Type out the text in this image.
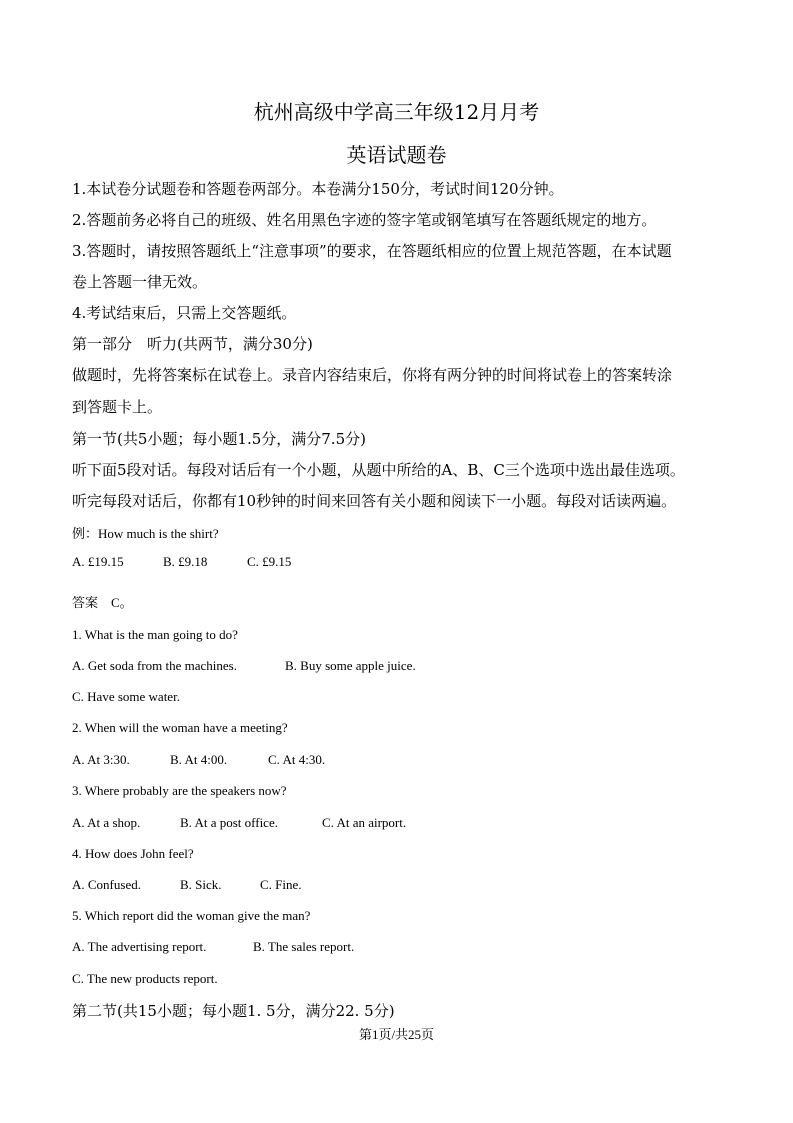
杭州高级中学高三年级12月月考
英语试题卷
1.本试卷分试题卷和答题卷两部分。本卷满分150分，考试时间120分钟。
2.答题前务必将自己的班级、姓名用黑色字迹的签字笔或钢笔填写在答题纸规定的地方。
3.答题时，请按照答题纸上“注意事项”的要求，在答题纸相应的位置上规范答题，在本试题
卷上答题一律无效。
4.考试结束后，只需上交答题纸。
第一部分　听力(共两节，满分30分)
做题时，先将答案标在试卷上。录音内容结束后，你将有两分钟的时间将试卷上的答案转涂
到答题卡上。
第一节(共5小题；每小题1.5分，满分7.5分)
听下面5段对话。每段对话后有一个小题，从题中所给的A、B、C三个选项中选出最佳选项。
听完每段对话后，你都有10秒钟的时间来回答有关小题和阅读下一小题。每段对话读两遍。
例：How much is the shirt?
A. £19.15	B. £9.18	C. £9.15
答案　C。
1. What is the man going to do?
A. Get soda from the machines.	B. Buy some apple juice.
C. Have some water.
2. When will the woman have a meeting?
A. At 3:30.	B. At 4:00.	C. At 4:30.
3. Where probably are the speakers now?
A. At a shop.	B. At a post office.	C. At an airport.
4. How does John feel?
A. Confused.	B. Sick.	C. Fine.
5. Which report did the woman give the man?
A. The advertising report.	B. The sales report.
C. The new products report.
第二节(共15小题；每小题1. 5分，满分22. 5分)
第1页/共25页
